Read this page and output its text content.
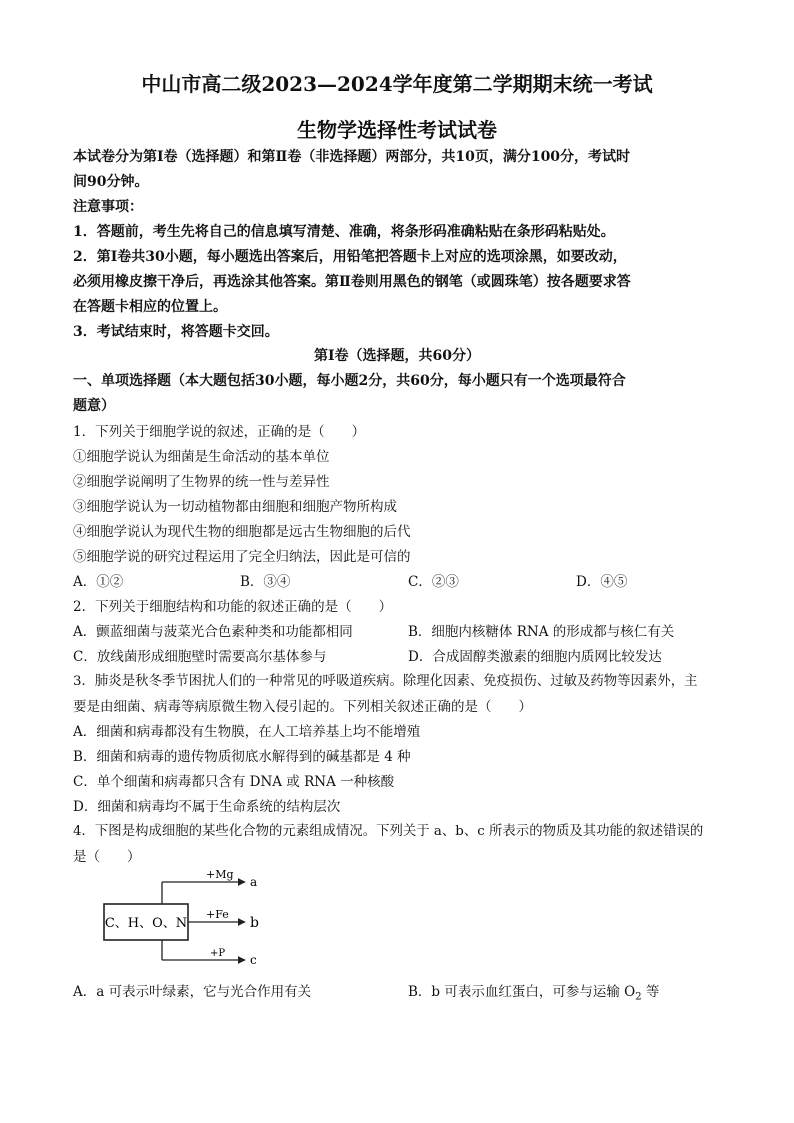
中山市高二级2023—2024学年度第二学期期末统一考试
生物学选择性考试试卷
本试卷分为第Ⅰ卷（选择题）和第Ⅱ卷（非选择题）两部分，共10页，满分100分，考试时
间90分钟。
注意事项：
1．答题前，考生先将自己的信息填写清楚、准确，将条形码准确粘贴在条形码粘贴处。
2．第Ⅰ卷共30小题，每小题选出答案后，用铅笔把答题卡上对应的选项涂黑，如要改动，
必须用橡皮擦干净后，再选涂其他答案。第Ⅱ卷则用黑色的钢笔（或圆珠笔）按各题要求答
在答题卡相应的位置上。
3．考试结束时，将答题卡交回。
第Ⅰ卷（选择题，共60分）
一、单项选择题（本大题包括30小题，每小题2分，共60分，每小题只有一个选项最符合
题意）
1．下列关于细胞学说的叙述，正确的是（　　）
①细胞学说认为细菌是生命活动的基本单位
②细胞学说阐明了生物界的统一性与差异性
③细胞学说认为一切动植物都由细胞和细胞产物所构成
④细胞学说认为现代生物的细胞都是远古生物细胞的后代
⑤细胞学说的研究过程运用了完全归纳法，因此是可信的
A．①②	B．③④	C．②③	D．④⑤
2．下列关于细胞结构和功能的叙述正确的是（　　）
A．颤蓝细菌与菠菜光合色素种类和功能都相同	B．细胞内核糖体 RNA 的形成都与核仁有关
C．放线菌形成细胞壁时需要高尔基体参与	D．合成固醇类激素的细胞内质网比较发达
3．肺炎是秋冬季节困扰人们的一种常见的呼吸道疾病。除理化因素、免疫损伤、过敏及药物等因素外，主
要是由细菌、病毒等病原微生物入侵引起的。下列相关叙述正确的是（　　）
A．细菌和病毒都没有生物膜，在人工培养基上均不能增殖
B．细菌和病毒的遗传物质彻底水解得到的碱基都是 4 种
C．单个细菌和病毒都只含有 DNA 或 RNA 一种核酸
D．细菌和病毒均不属于生命系统的结构层次
4．下图是构成细胞的某些化合物的元素组成情况。下列关于 a、b、c 所表示的物质及其功能的叙述错误的
是（　　）
C、H、O、N
+Mg
a
+Fe
b
+P c
A．a 可表示叶绿素，它与光合作用有关	B．b 可表示血红蛋白，可参与运输 $O_2$ 等
